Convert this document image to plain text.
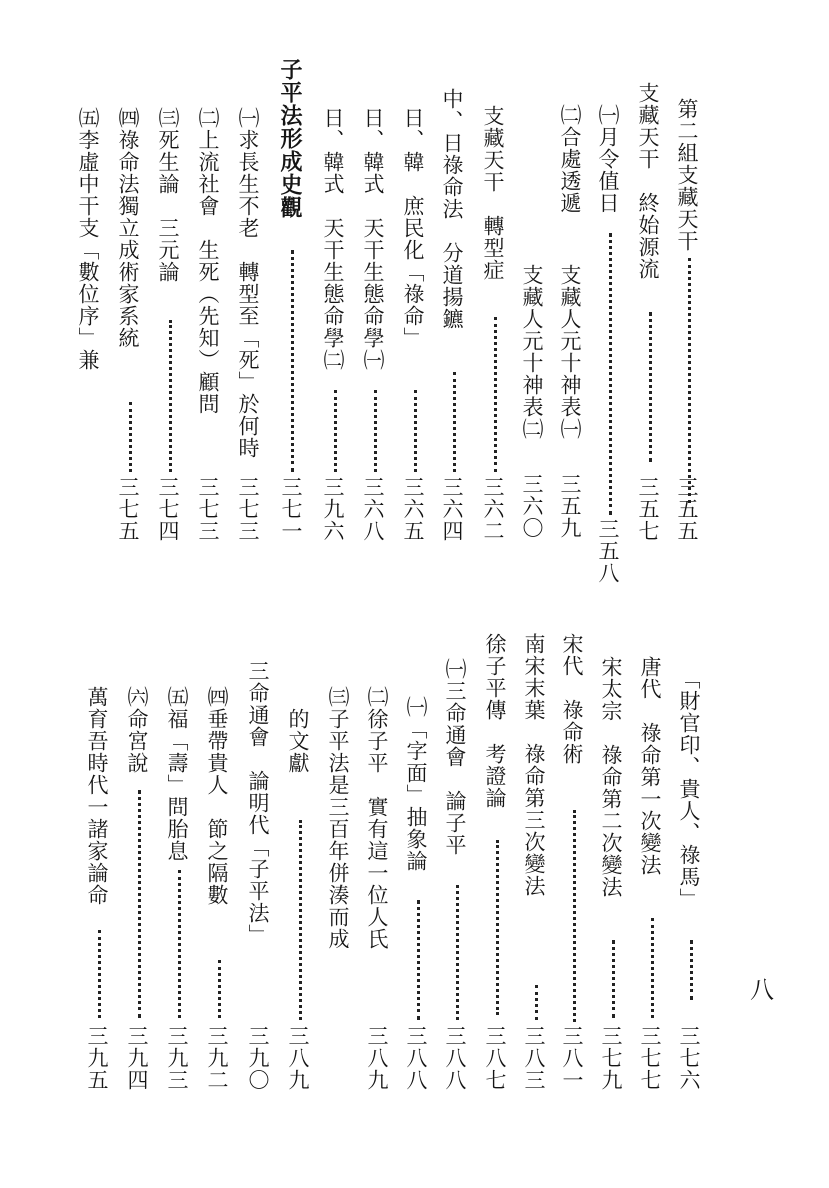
第二組支藏天干
三五五
支藏天干　終始源流
三五七
㈠月令值日
三五八
㈡合處透遞
支藏人元十神表㈠
三五九
支藏人元十神表㈡
三六〇
支藏天干　轉型症
三六二
中、日祿命法　分道揚鑣
三六四
日、韓　庶民化「祿命」
三六五
日、韓式　天干生態命學㈠
三六八
日、韓式　天干生態命學㈡
三九六
子平法形成史觀
三七一
㈠求長生不老　轉型至「死」於何時
三七三
㈡上流社會　生死（先知）顧問
三七三
㈢死生論　三元論
三七四
㈣祿命法獨立成術家系統
三七五
㈤李虛中干支「數位序」兼
八
「財官印、貴人、祿馬」
三七六
唐代　祿命第一次變法
三七七
宋太宗　祿命第二次變法
三七九
宋代　祿命術
三八一
南宋末葉　祿命第三次變法
三八三
徐子平傳　考證論
三八七
㈠三命通會　論子平
三八八
㈠「字面」抽象論
三八八
㈡徐子平　實有這一位人氏
三八九
㈢子平法是三百年併湊而成
　的文獻
三八九
三命通會　論明代「子平法」
三九〇
㈣垂帶貴人　節之隔數
三九二
㈤福「壽」問胎息
三九三
㈥命宮說
三九四
萬育吾時代一諸家論命
三九五
